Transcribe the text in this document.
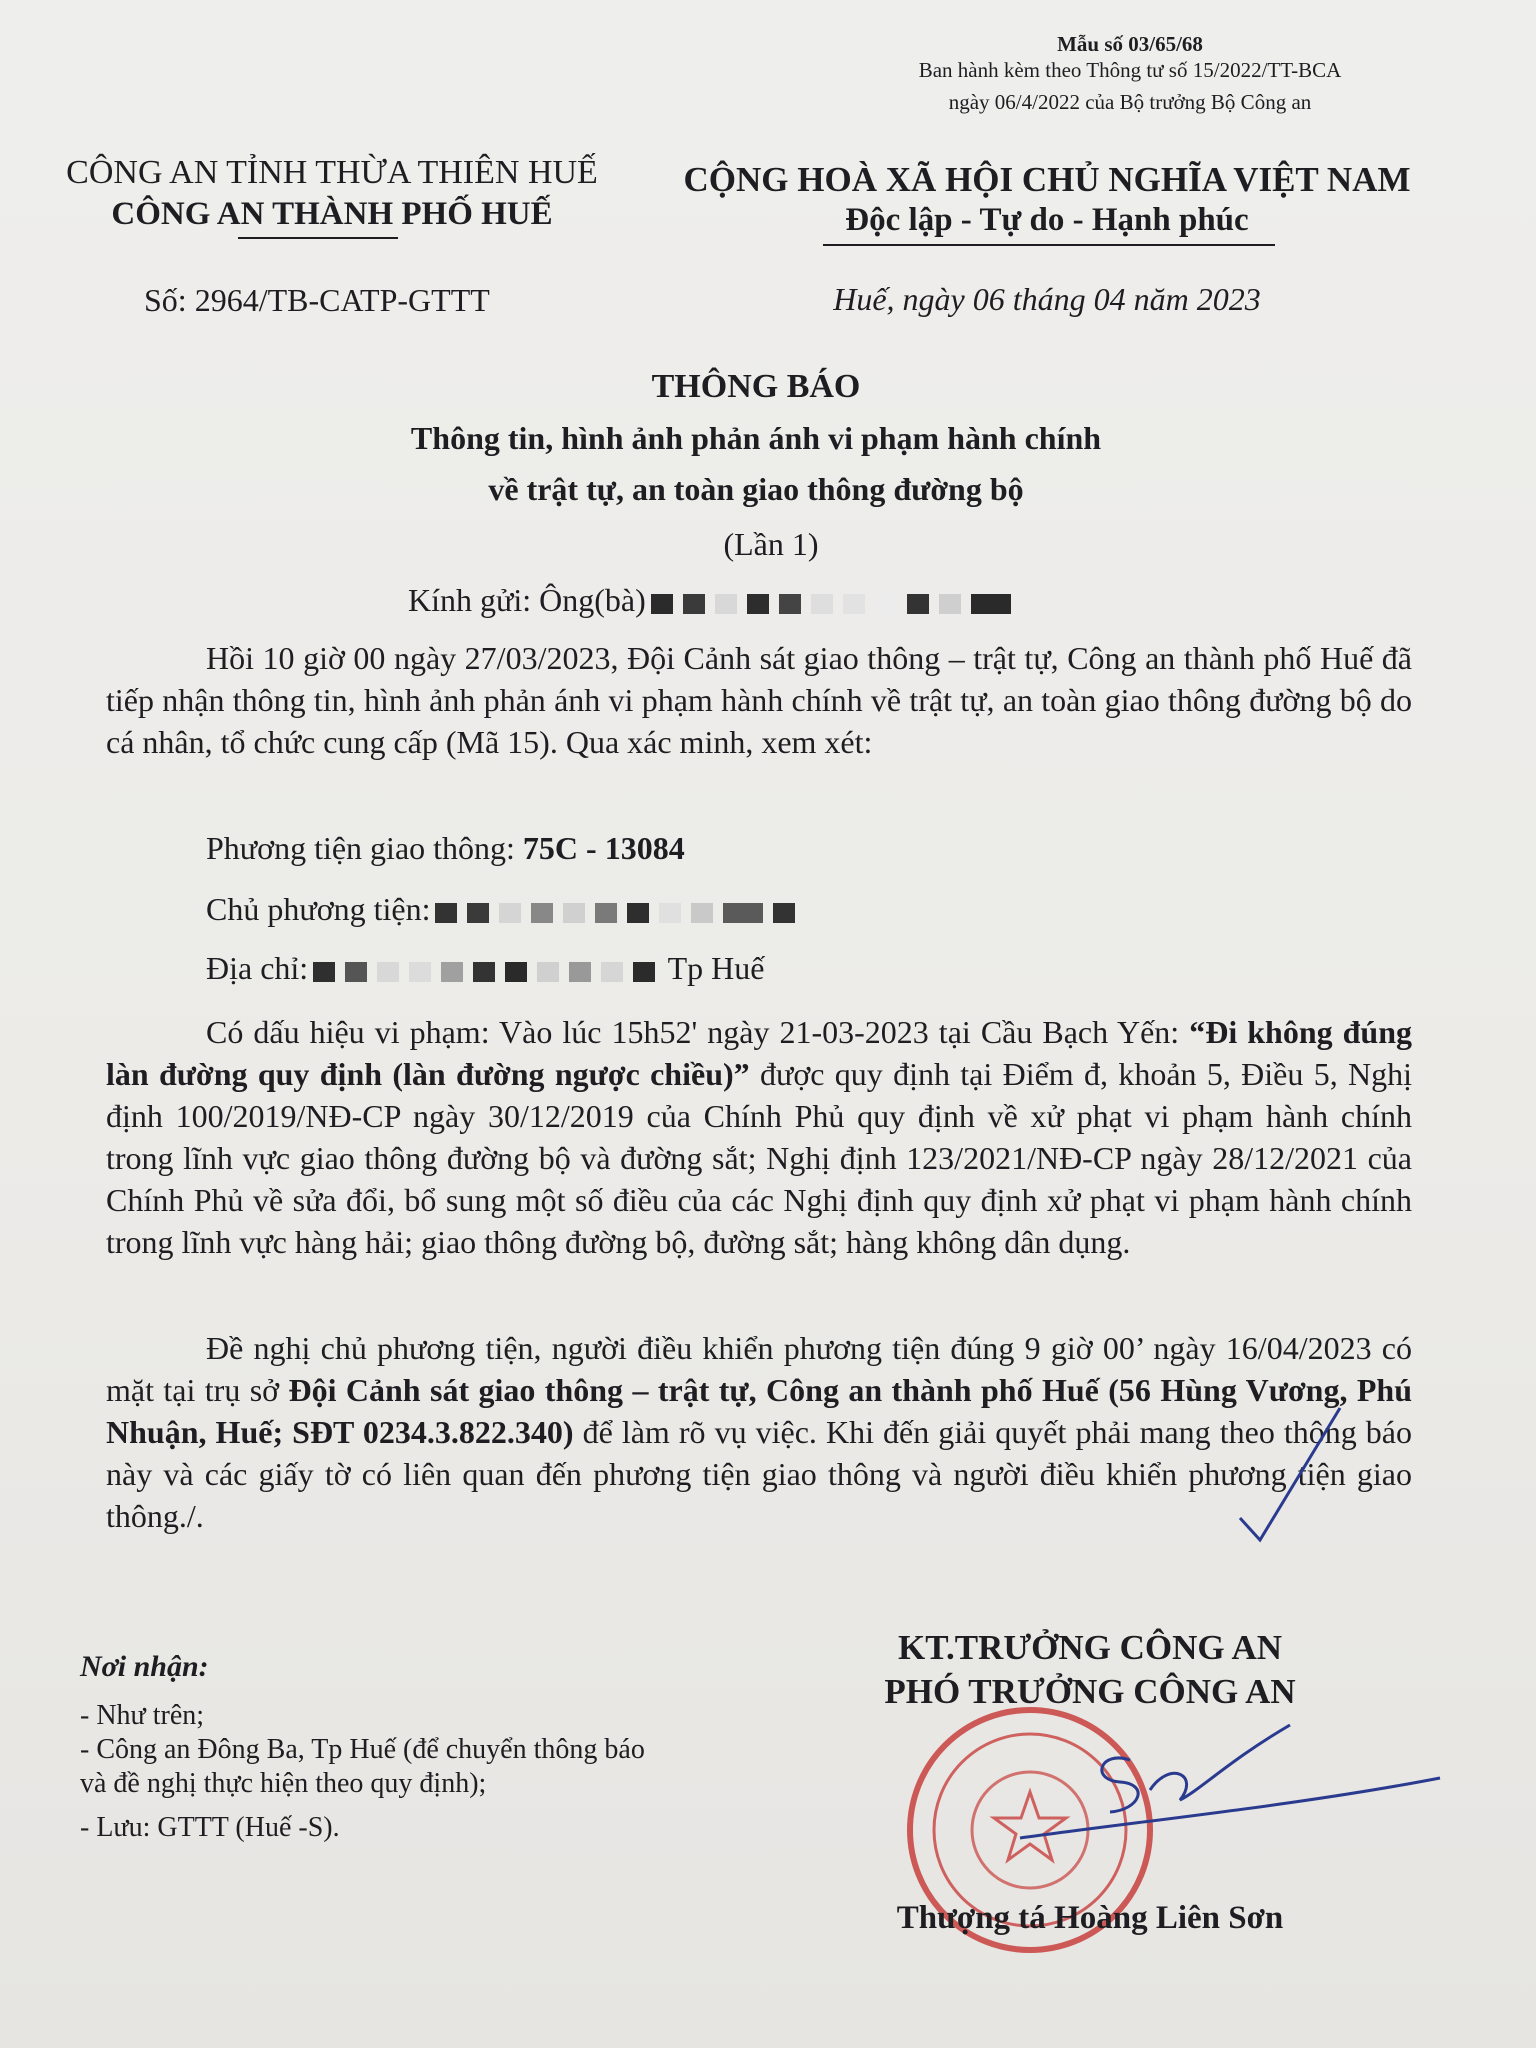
Mẫu số 03/65/68
Ban hành kèm theo Thông tư số 15/2022/TT-BCA
ngày 06/4/2022 của Bộ trưởng Bộ Công an
CÔNG AN TỈNH THỪA THIÊN HUẾ
CÔNG AN THÀNH PHỐ HUẾ
CỘNG HOÀ XÃ HỘI CHỦ NGHĨA VIỆT NAM
Độc lập - Tự do - Hạnh phúc
Số: 2964/TB-CATP-GTTT	Huế, ngày 06 tháng 04 năm 2023
THÔNG BÁO
Thông tin, hình ảnh phản ánh vi phạm hành chính
về trật tự, an toàn giao thông đường bộ
(Lần 1)
Kính gửi: Ông(bà)
Hồi 10 giờ 00 ngày 27/03/2023, Đội Cảnh sát giao thông – trật tự, Công an thành phố Huế đã tiếp nhận thông tin, hình ảnh phản ánh vi phạm hành chính về trật tự, an toàn giao thông đường bộ do cá nhân, tổ chức cung cấp (Mã 15). Qua xác minh, xem xét:
Phương tiện giao thông: 75C - 13084
Chủ phương tiện:
Địa chỉ:	Tp Huế
Có dấu hiệu vi phạm: Vào lúc 15h52' ngày 21-03-2023 tại Cầu Bạch Yến: “Đi không đúng làn đường quy định (làn đường ngược chiều)” được quy định tại Điểm đ, khoản 5, Điều 5, Nghị định 100/2019/NĐ-CP ngày 30/12/2019 của Chính Phủ quy định về xử phạt vi phạm hành chính trong lĩnh vực giao thông đường bộ và đường sắt; Nghị định 123/2021/NĐ-CP ngày 28/12/2021 của Chính Phủ về sửa đổi, bổ sung một số điều của các Nghị định quy định xử phạt vi phạm hành chính trong lĩnh vực hàng hải; giao thông đường bộ, đường sắt; hàng không dân dụng.
Đề nghị chủ phương tiện, người điều khiển phương tiện đúng 9 giờ 00’ ngày 16/04/2023 có mặt tại trụ sở Đội Cảnh sát giao thông – trật tự, Công an thành phố Huế (56 Hùng Vương, Phú Nhuận, Huế; SĐT 0234.3.822.340) để làm rõ vụ việc. Khi đến giải quyết phải mang theo thông báo này và các giấy tờ có liên quan đến phương tiện giao thông và người điều khiển phương tiện giao thông./.
Nơi nhận:
- Như trên;
- Công an Đông Ba, Tp Huế (để chuyển thông báo
và đề nghị thực hiện theo quy định);
- Lưu: GTTT (Huế -S).
KT.TRƯỞNG CÔNG AN
PHÓ TRƯỞNG CÔNG AN
Thượng tá Hoàng Liên Sơn
